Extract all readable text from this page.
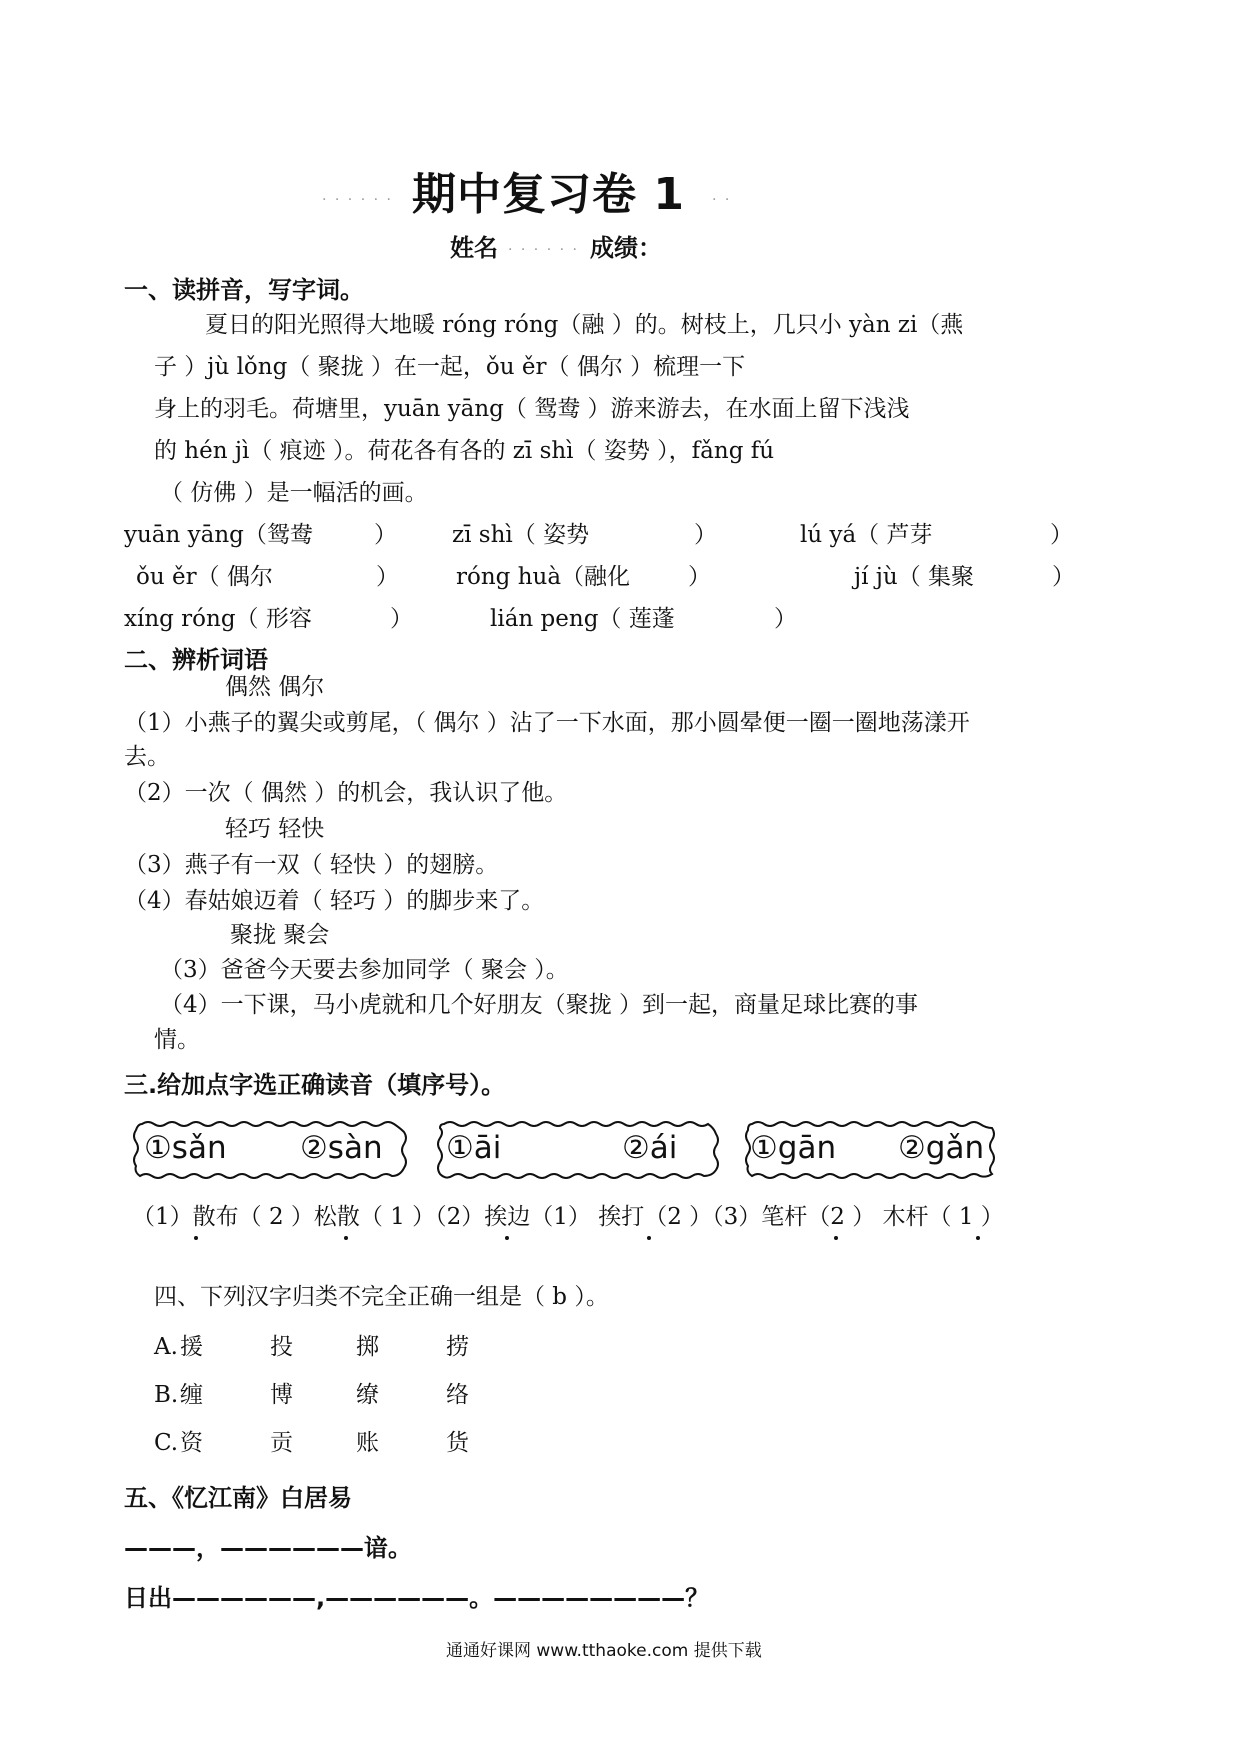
. . . . . . 期中复习卷 1 . .
姓名 . . . . . . 成绩：
一、读拼音，写字词。
夏日的阳光照得大地暖 róng róng（融 ）的。树枝上，几只小 yàn zi（燕
子 ）jù lǒng（ 聚拢 ）在一起，ǒu ěr（ 偶尔 ）梳理一下
身上的羽毛。荷塘里，yuān yāng（ 鸳鸯 ）游来游去，在水面上留下浅浅
的 hén jì（ 痕迹 ）。荷花各有各的 zī shì（ 姿势 ），fǎng fú
（ 仿佛 ）是一幅活的画。
yuān yāng（鸳鸯	） zī shì（ 姿势	）	lú yá（ 芦芽	）
ǒu ěr（ 偶尔	） róng huà（融化	）	jí jù（ 集聚	）
xíng róng（ 形容	）	lián peng（ 莲蓬	）
二、辨析词语
偶然 偶尔
（1）小燕子的翼尖或剪尾，（ 偶尔 ）沾了一下水面，那小圆晕便一圈一圈地荡漾开
去。
（2）一次（ 偶然 ）的机会，我认识了他。
轻巧 轻快
（3）燕子有一双（ 轻快 ）的翅膀。
（4）春姑娘迈着（ 轻巧 ）的脚步来了。
聚拢 聚会
（3）爸爸今天要去参加同学（ 聚会 ）。
（4）一下课，马小虎就和几个好朋友（聚拢 ）到一起，商量足球比赛的事
情。
三.给加点字选正确读音（填序号）。
①sǎn ②sàn ①āi	②ái ①gān ②gǎn
（1）散布（ 2 ）松散（ 1 ）（2）挨边（1） 挨打（2 ）（3）笔杆（2 ） 木杆（ 1 ）
四、下列汉字归类不完全正确一组是（ b ）。
A. 援	投	掷	捞
B. 缠	博	缭	络
C. 资	贡	账	货
五、《忆江南》白居易
———，——————谙。
日出——————,——————。————————？
通通好课网 www.tthaoke.com 提供下载
